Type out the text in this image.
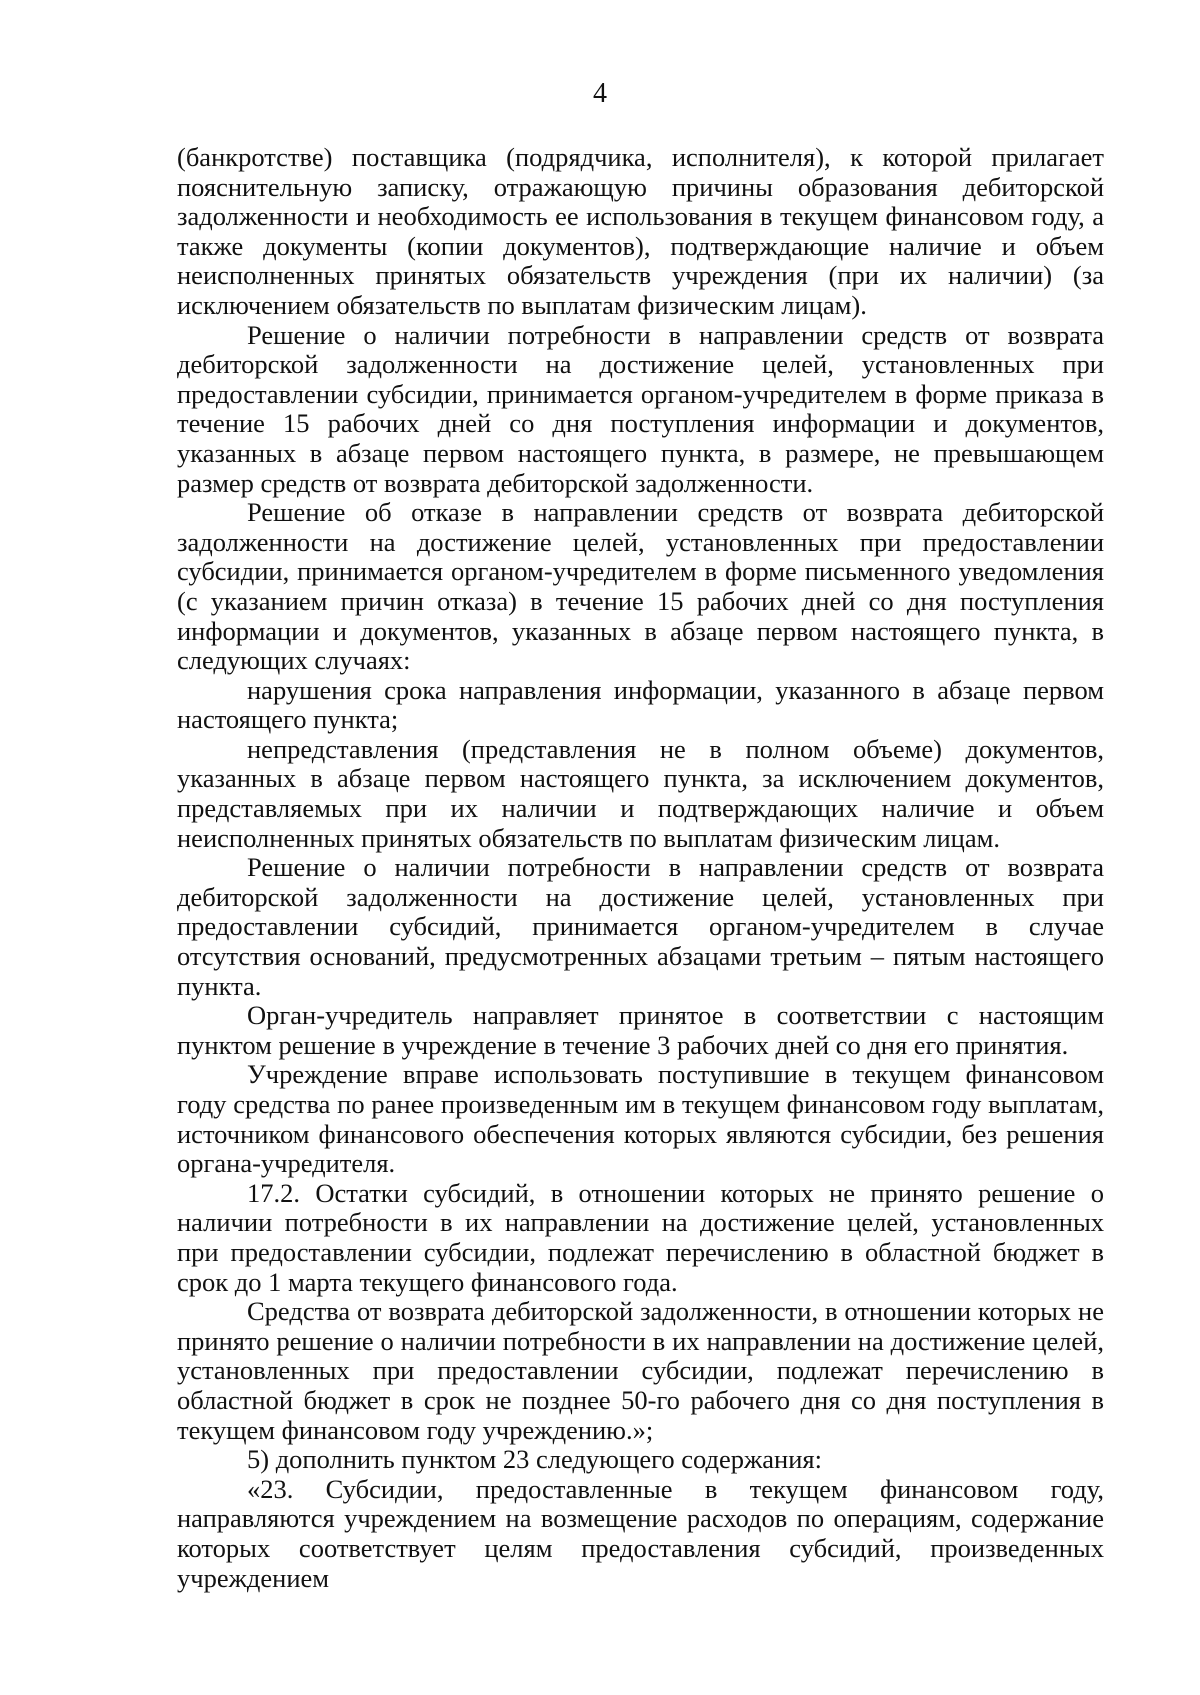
4

(банкротстве) поставщика (подрядчика, исполнителя), к которой прилагает пояснительную записку, отражающую причины образования дебиторской задолженности и необходимость ее использования в текущем финансовом году, а также документы (копии документов), подтверждающие наличие и объем неисполненных принятых обязательств учреждения (при их наличии) (за исключением обязательств по выплатам физическим лицам).

Решение о наличии потребности в направлении средств от возврата дебиторской задолженности на достижение целей, установленных при предоставлении субсидии, принимается органом-учредителем в форме приказа в течение 15 рабочих дней со дня поступления информации и документов, указанных в абзаце первом настоящего пункта, в размере, не превышающем размер средств от возврата дебиторской задолженности.

Решение об отказе в направлении средств от возврата дебиторской задолженности на достижение целей, установленных при предоставлении субсидии, принимается органом-учредителем в форме письменного уведомления (с указанием причин отказа) в течение 15 рабочих дней со дня поступления информации и документов, указанных в абзаце первом настоящего пункта, в следующих случаях:

нарушения срока направления информации, указанного в абзаце первом настоящего пункта;

непредставления (представления не в полном объеме) документов, указанных в абзаце первом настоящего пункта, за исключением документов, представляемых при их наличии и подтверждающих наличие и объем неисполненных принятых обязательств по выплатам физическим лицам.

Решение о наличии потребности в направлении средств от возврата дебиторской задолженности на достижение целей, установленных при предоставлении субсидий, принимается органом-учредителем в случае отсутствия оснований, предусмотренных абзацами третьим – пятым настоящего пункта.

Орган-учредитель направляет принятое в соответствии с настоящим пунктом решение в учреждение в течение 3 рабочих дней со дня его принятия.

Учреждение вправе использовать поступившие в текущем финансовом году средства по ранее произведенным им в текущем финансовом году выплатам, источником финансового обеспечения которых являются субсидии, без решения органа-учредителя.

17.2. Остатки субсидий, в отношении которых не принято решение о наличии потребности в их направлении на достижение целей, установленных при предоставлении субсидии, подлежат перечислению в областной бюджет в срок до 1 марта текущего финансового года.

Средства от возврата дебиторской задолженности, в отношении которых не принято решение о наличии потребности в их направлении на достижение целей, установленных при предоставлении субсидии, подлежат перечислению в областной бюджет в срок не позднее 50-го рабочего дня со дня поступления в текущем финансовом году учреждению.»;

5) дополнить пунктом 23 следующего содержания:

«23. Субсидии, предоставленные в текущем финансовом году, направляются учреждением на возмещение расходов по операциям, содержание которых соответствует целям предоставления субсидий, произведенных учреждением
